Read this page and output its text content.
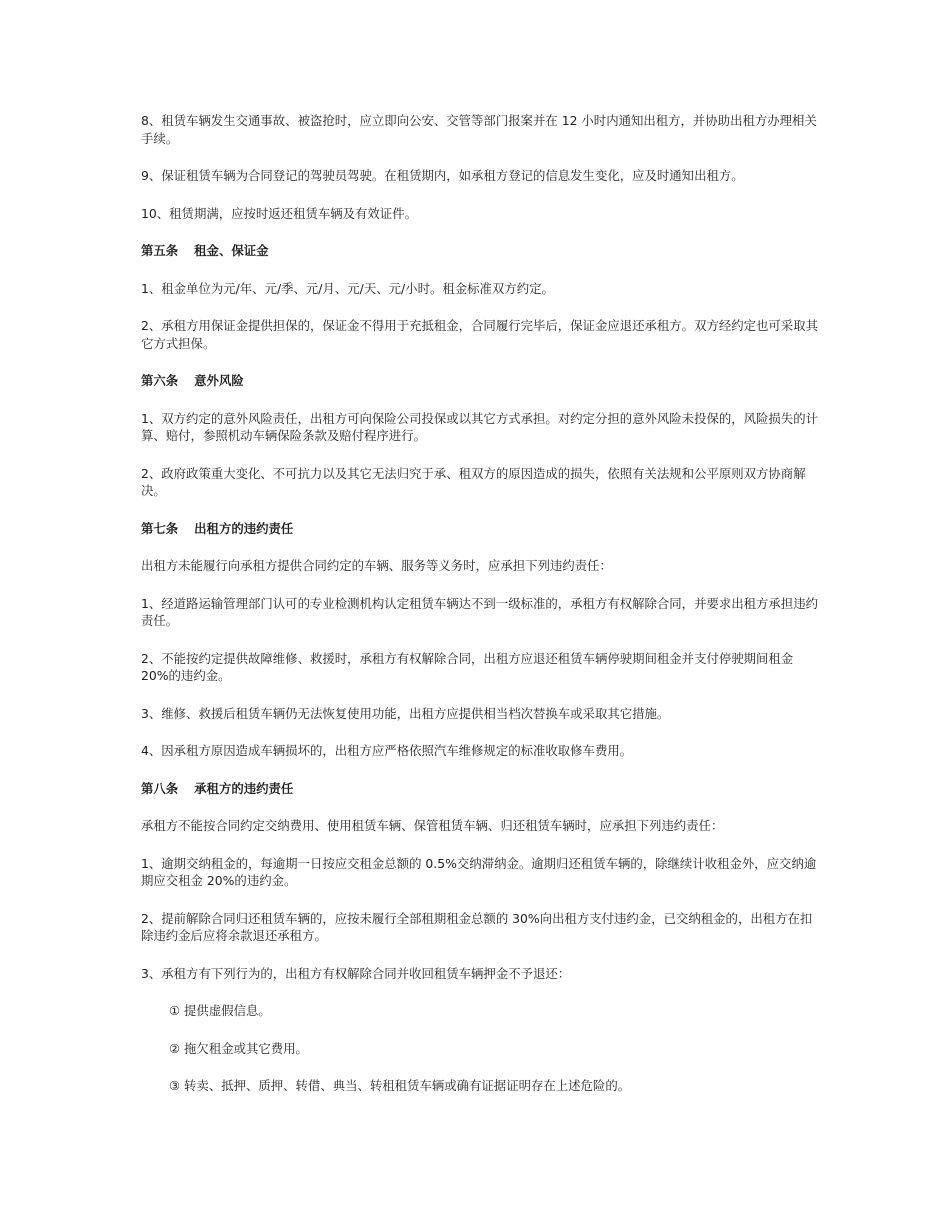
8、租赁车辆发生交通事故、被盗抢时，应立即向公安、交管等部门报案并在 12 小时内通知出租方，并协助出租方办理相关手续。

9、保证租赁车辆为合同登记的驾驶员驾驶。在租赁期内，如承租方登记的信息发生变化，应及时通知出租方。

10、租赁期满，应按时返还租赁车辆及有效证件。

第五条 租金、保证金

1、租金单位为元/年、元/季、元/月、元/天、元/小时。租金标准双方约定。

2、承租方用保证金提供担保的，保证金不得用于充抵租金，合同履行完毕后，保证金应退还承租方。双方经约定也可采取其它方式担保。

第六条 意外风险

1、双方约定的意外风险责任，出租方可向保险公司投保或以其它方式承担。对约定分担的意外风险未投保的，风险损失的计算、赔付，参照机动车辆保险条款及赔付程序进行。

2、政府政策重大变化、不可抗力以及其它无法归究于承、租双方的原因造成的损失，依照有关法规和公平原则双方协商解决。

第七条 出租方的违约责任

出租方未能履行向承租方提供合同约定的车辆、服务等义务时，应承担下列违约责任：

1、经道路运输管理部门认可的专业检测机构认定租赁车辆达不到一级标准的，承租方有权解除合同，并要求出租方承担违约责任。

2、不能按约定提供故障维修、救援时，承租方有权解除合同，出租方应退还租赁车辆停驶期间租金并支付停驶期间租金 20%的违约金。

3、维修、救援后租赁车辆仍无法恢复使用功能，出租方应提供相当档次替换车或采取其它措施。

4、因承租方原因造成车辆损坏的，出租方应严格依照汽车维修规定的标准收取修车费用。

第八条 承租方的违约责任

承租方不能按合同约定交纳费用、使用租赁车辆、保管租赁车辆、归还租赁车辆时，应承担下列违约责任：

1、逾期交纳租金的，每逾期一日按应交租金总额的 0.5%交纳滞纳金。逾期归还租赁车辆的，除继续计收租金外，应交纳逾期应交租金 20%的违约金。

2、提前解除合同归还租赁车辆的，应按未履行全部租期租金总额的 30%向出租方支付违约金，已交纳租金的，出租方在扣除违约金后应将余款退还承租方。

3、承租方有下列行为的，出租方有权解除合同并收回租赁车辆押金不予退还：

① 提供虚假信息。

② 拖欠租金或其它费用。

③ 转卖、抵押、质押、转借、典当、转租租赁车辆或确有证据证明存在上述危险的。
